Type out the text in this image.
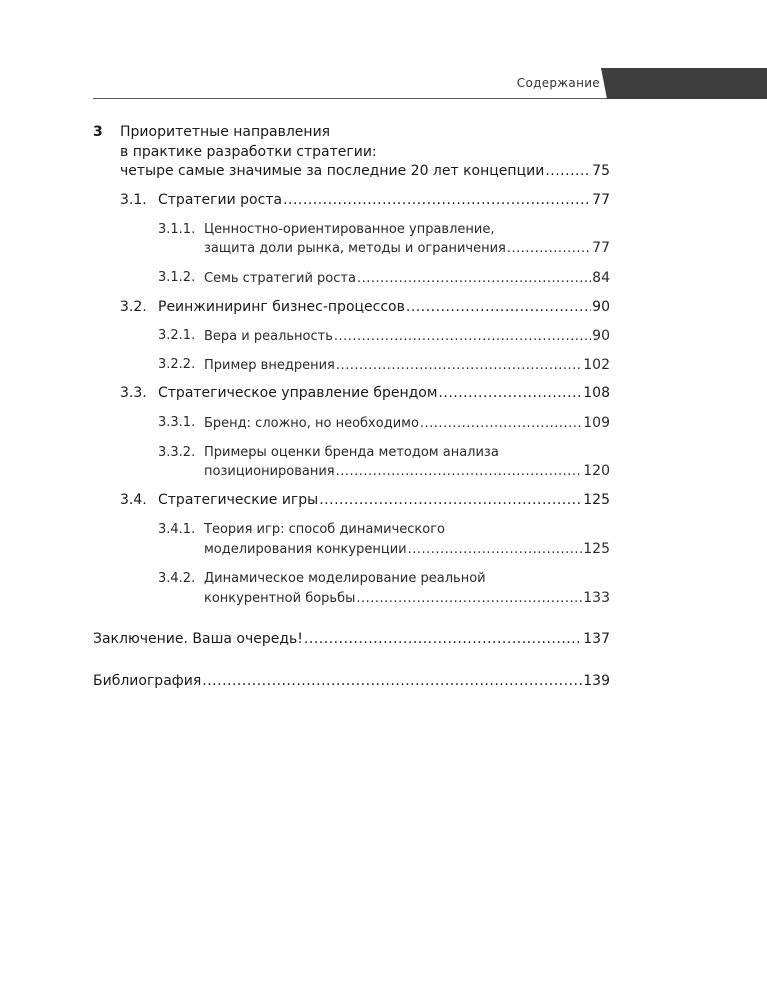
Содержание
3 Приоритетные направления
в практике разработки стратегии:
четыре самые значимые за последние 20 лет концепции .....	75
3.1. Стратегии роста .....	77
3.1.1. Ценностно-ориентированное управление,
защита доли рынка, методы и ограничения .....	77
3.1.2. Семь стратегий роста .....	84
3.2. Реинжиниринг бизнес-процессов .....	90
3.2.1. Вера и реальность .....	90
3.2.2. Пример внедрения .....	102
3.3. Стратегическое управление брендом .....	108
3.3.1. Бренд: сложно, но необходимо .....	109
3.3.2. Примеры оценки бренда методом анализа
позиционирования .....	120
3.4. Стратегические игры .....	125
3.4.1. Теория игр: способ динамического
моделирования конкуренции .....	125
3.4.2. Динамическое моделирование реальной
конкурентной борьбы .....	133
Заключение. Ваша очередь! .....	137
Библиография .....	139
